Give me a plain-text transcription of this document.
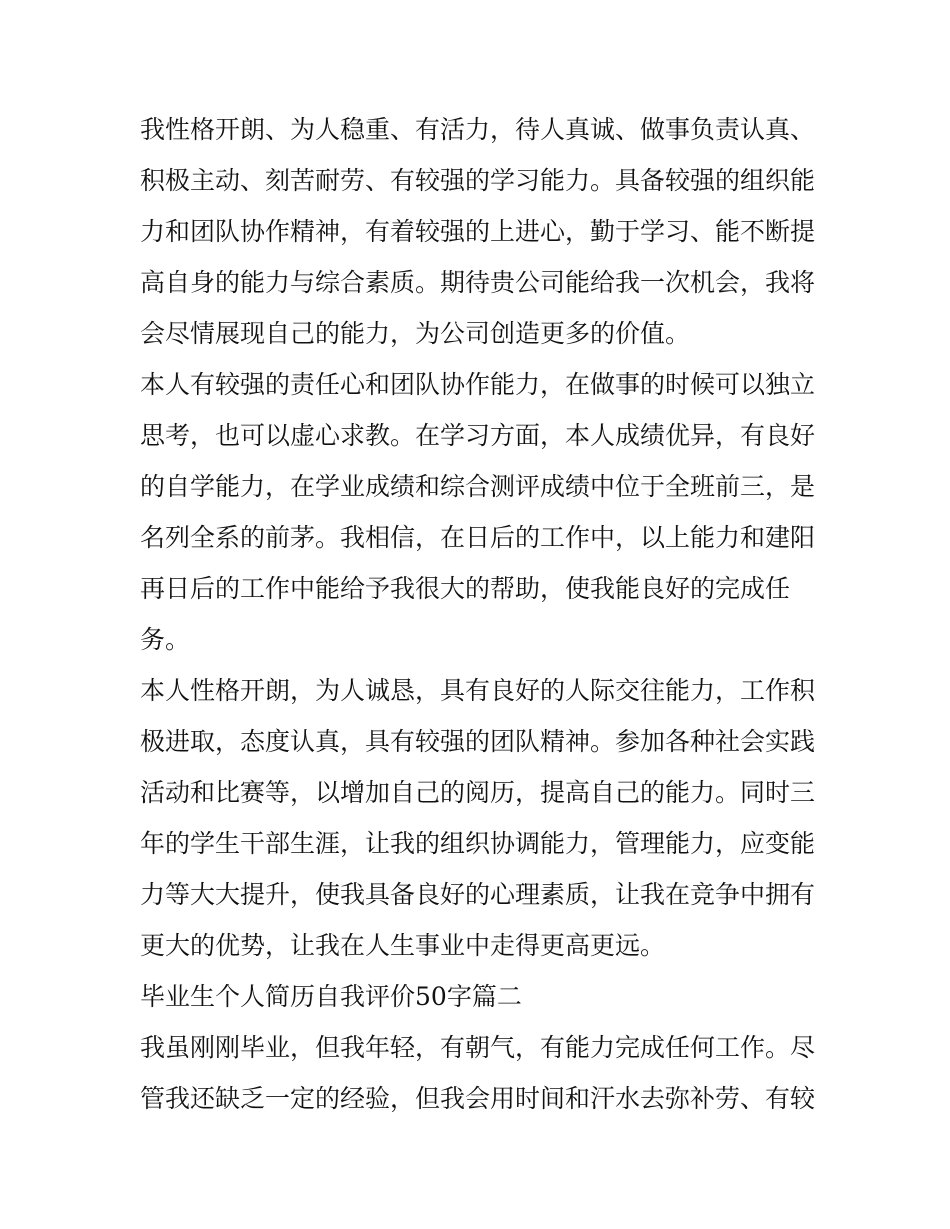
我性格开朗、为人稳重、有活力，待人真诚、做事负责认真、
积极主动、刻苦耐劳、有较强的学习能力。具备较强的组织能
力和团队协作精神，有着较强的上进心，勤于学习、能不断提
高自身的能力与综合素质。期待贵公司能给我一次机会，我将
会尽情展现自己的能力，为公司创造更多的价值。
本人有较强的责任心和团队协作能力，在做事的时候可以独立
思考，也可以虚心求教。在学习方面，本人成绩优异，有良好
的自学能力，在学业成绩和综合测评成绩中位于全班前三，是
名列全系的前茅。我相信，在日后的工作中，以上能力和建阳
再日后的工作中能给予我很大的帮助，使我能良好的完成任
务。
本人性格开朗，为人诚恳，具有良好的人际交往能力，工作积
极进取，态度认真，具有较强的团队精神。参加各种社会实践
活动和比赛等，以增加自己的阅历，提高自己的能力。同时三
年的学生干部生涯，让我的组织协调能力，管理能力，应变能
力等大大提升，使我具备良好的心理素质，让我在竞争中拥有
更大的优势，让我在人生事业中走得更高更远。
毕业生个人简历自我评价50字篇二
我虽刚刚毕业，但我年轻，有朝气，有能力完成任何工作。尽
管我还缺乏一定的经验，但我会用时间和汗水去弥补劳、有较
